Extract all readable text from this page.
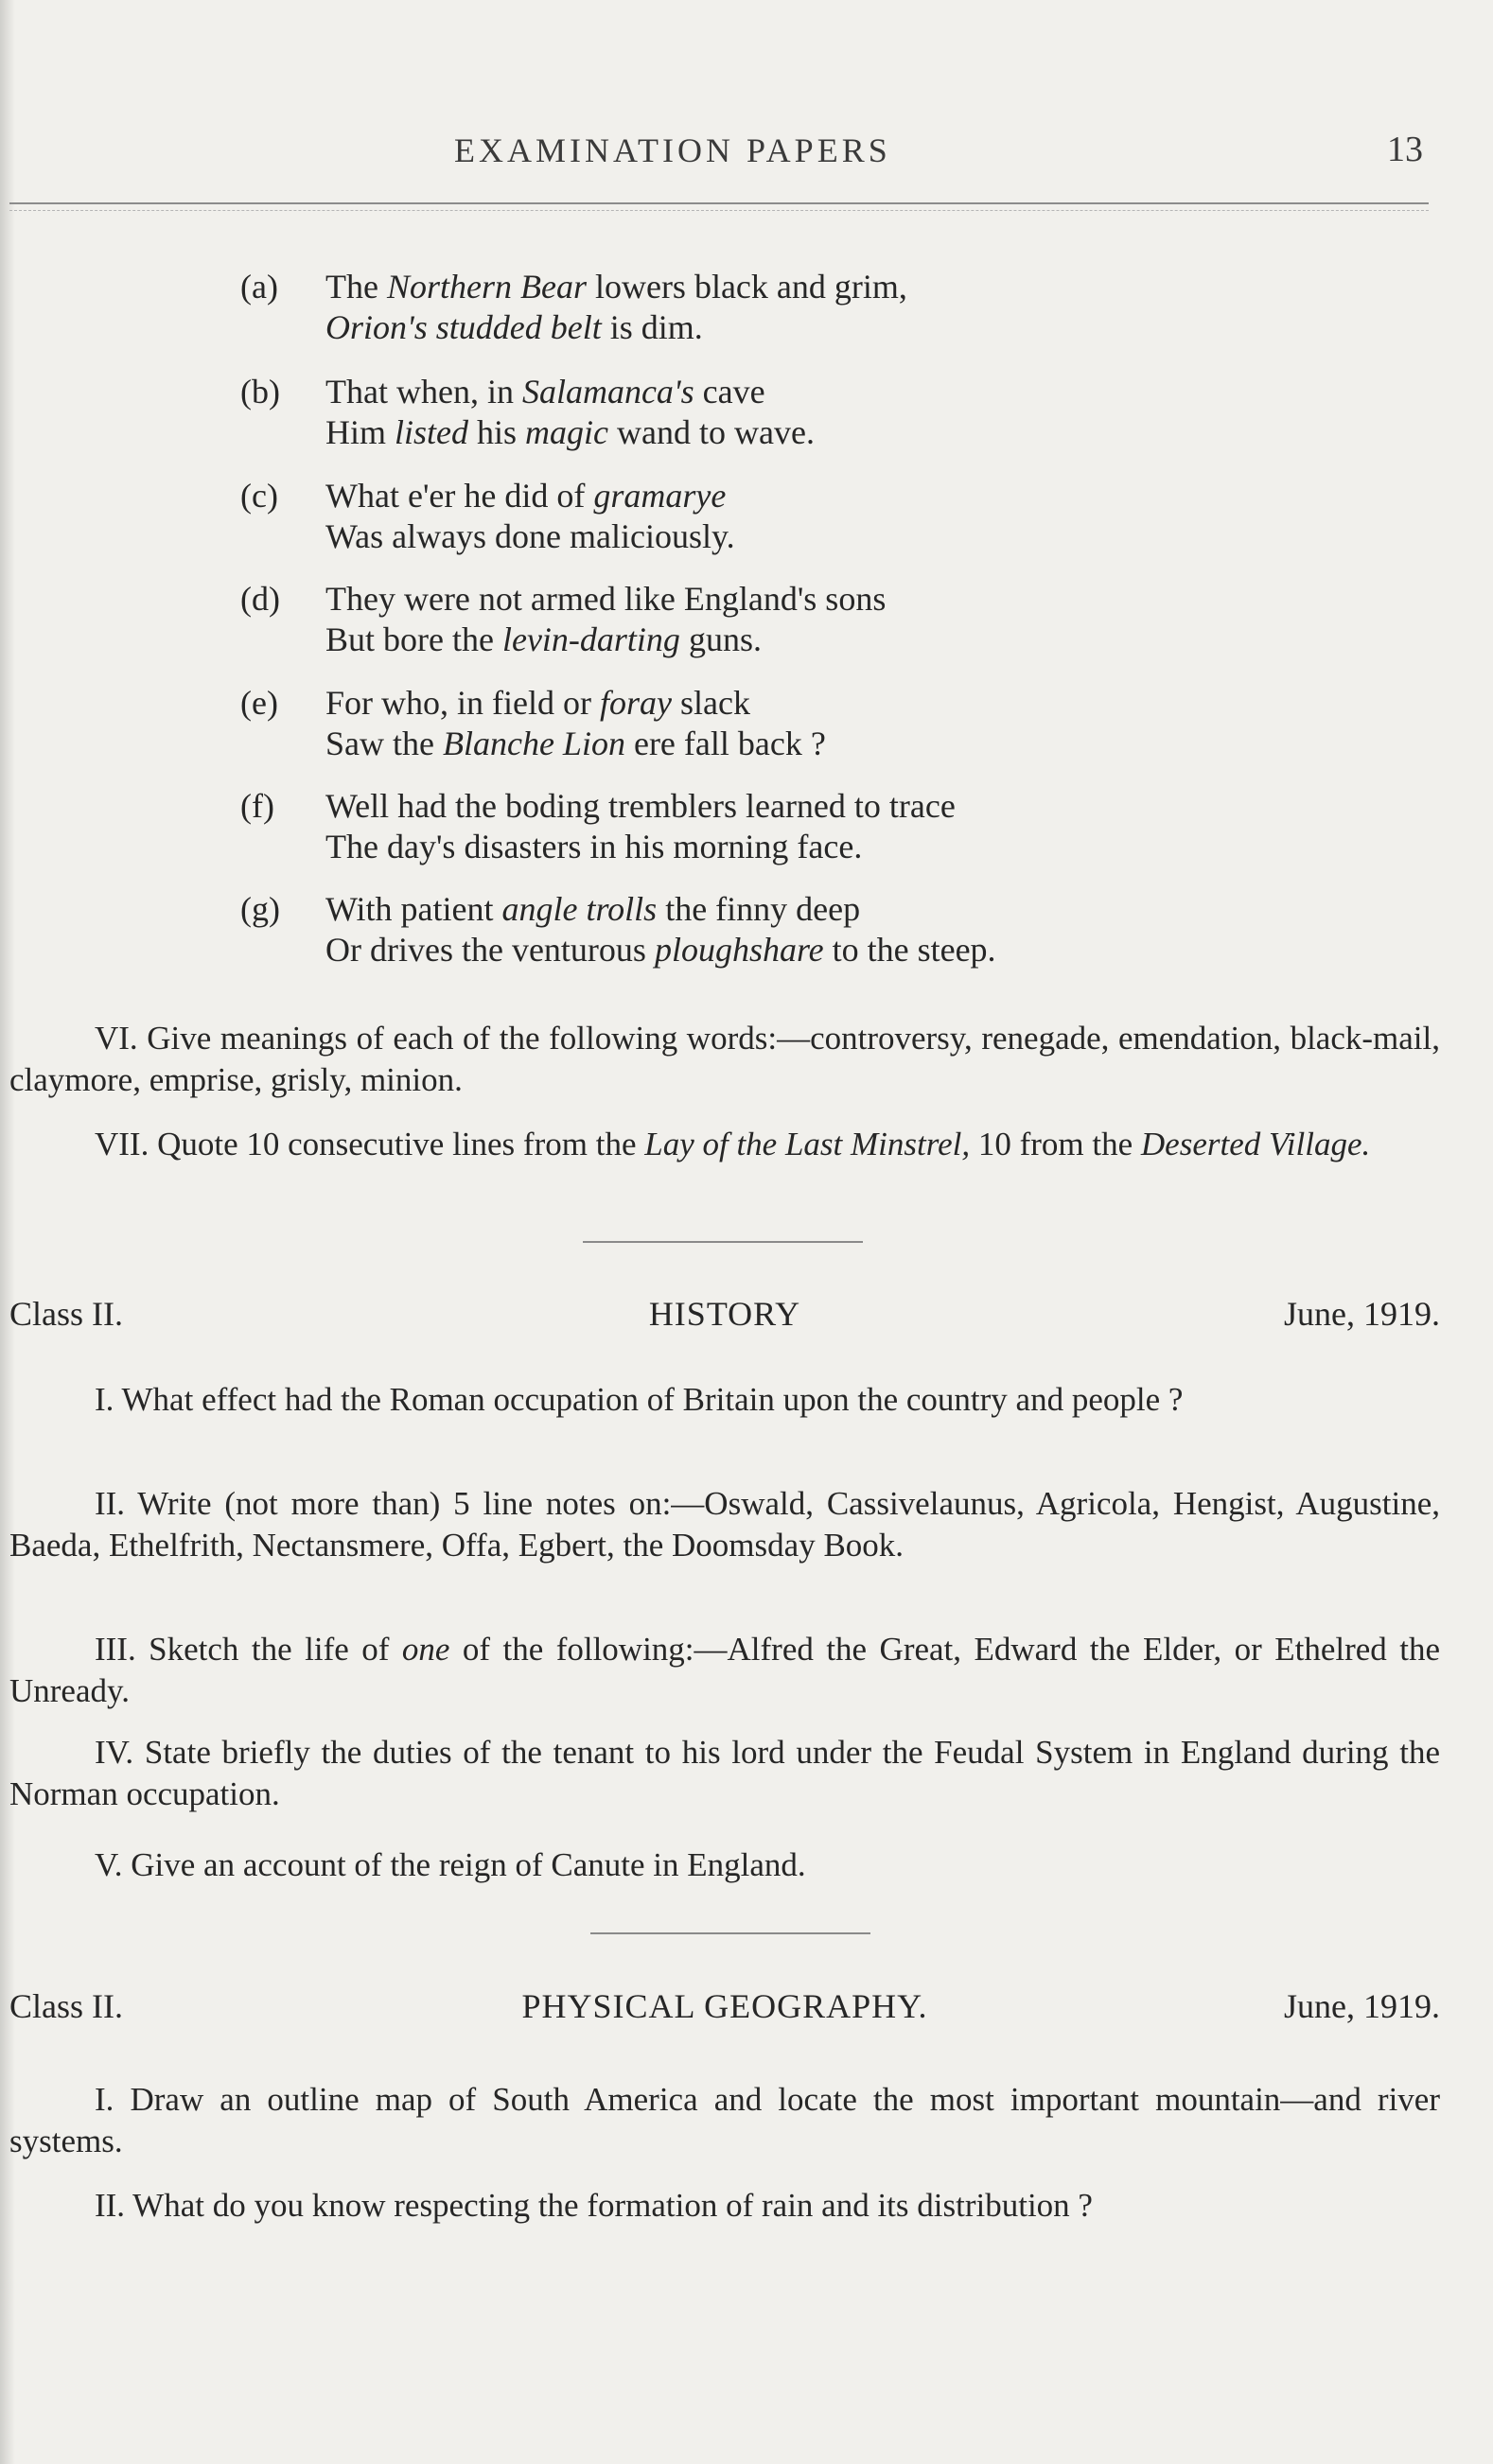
EXAMINATION PAPERS	13
(a)	The Northern Bear lowers black and grim,
Orion's studded belt is dim.
(b)	That when, in Salamanca's cave
Him listed his magic wand to wave.
(c)	What e'er he did of gramarye
Was always done maliciously.
(d)	They were not armed like England's sons
But bore the levin-darting guns.
(e)	For who, in field or foray slack
Saw the Blanche Lion ere fall back ?
(f)	Well had the boding tremblers learned to trace
The day's disasters in his morning face.
(g)	With patient angle trolls the finny deep
Or drives the venturous ploughshare to the steep.

VI. Give meanings of each of the following words:—controversy, renegade, emendation, black-mail, claymore, emprise, grisly, minion.

VII. Quote 10 consecutive lines from the Lay of the Last Minstrel, 10 from the Deserted Village.

HISTORY
Class II.	June, 1919.

I. What effect had the Roman occupation of Britain upon the country and people ?

II. Write (not more than) 5 line notes on:—Oswald, Cassivelaunus, Agricola, Hengist, Augustine, Baeda, Ethelfrith, Nectansmere, Offa, Egbert, the Doomsday Book.

III. Sketch the life of one of the following:—Alfred the Great, Edward the Elder, or Ethelred the Unready.

IV. State briefly the duties of the tenant to his lord under the Feudal System in England during the Norman occupation.

V. Give an account of the reign of Canute in England.

PHYSICAL GEOGRAPHY.
Class II.	June, 1919.

I. Draw an outline map of South America and locate the most important mountain—and river systems.

II. What do you know respecting the formation of rain and its distribution ?
